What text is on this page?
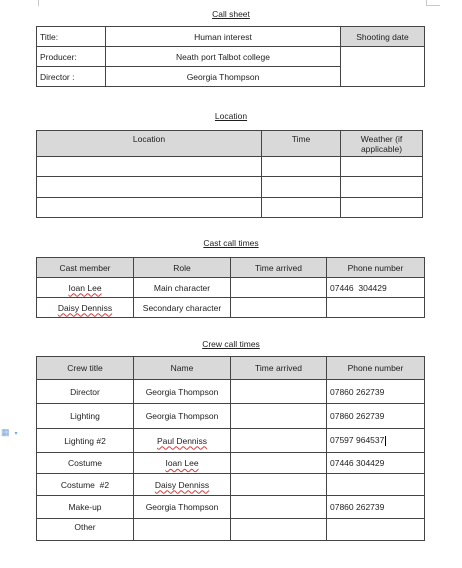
▦ ▾
Call sheet
Title:	Human interest	Shooting date
Producer:	Neath port Talbot college	
Director :	Georgia Thompson	
Location
Location	Time	Weather (if applicable)

Cast call times
Cast member	Role	Time arrived	Phone number
Ioan Lee	Main character		07446  304429
Daisy Denniss	Secondary character		
Crew call times
Crew title	Name	Time arrived	Phone number
Director	Georgia Thompson		07860 262739
Lighting	Georgia Thompson		07860 262739
Lighting #2	Paul Denniss		07597 964537
Costume	Ioan Lee		07446 304429
Costume  #2	Daisy Denniss		
Make-up	Georgia Thompson		07860 262739
Other			
